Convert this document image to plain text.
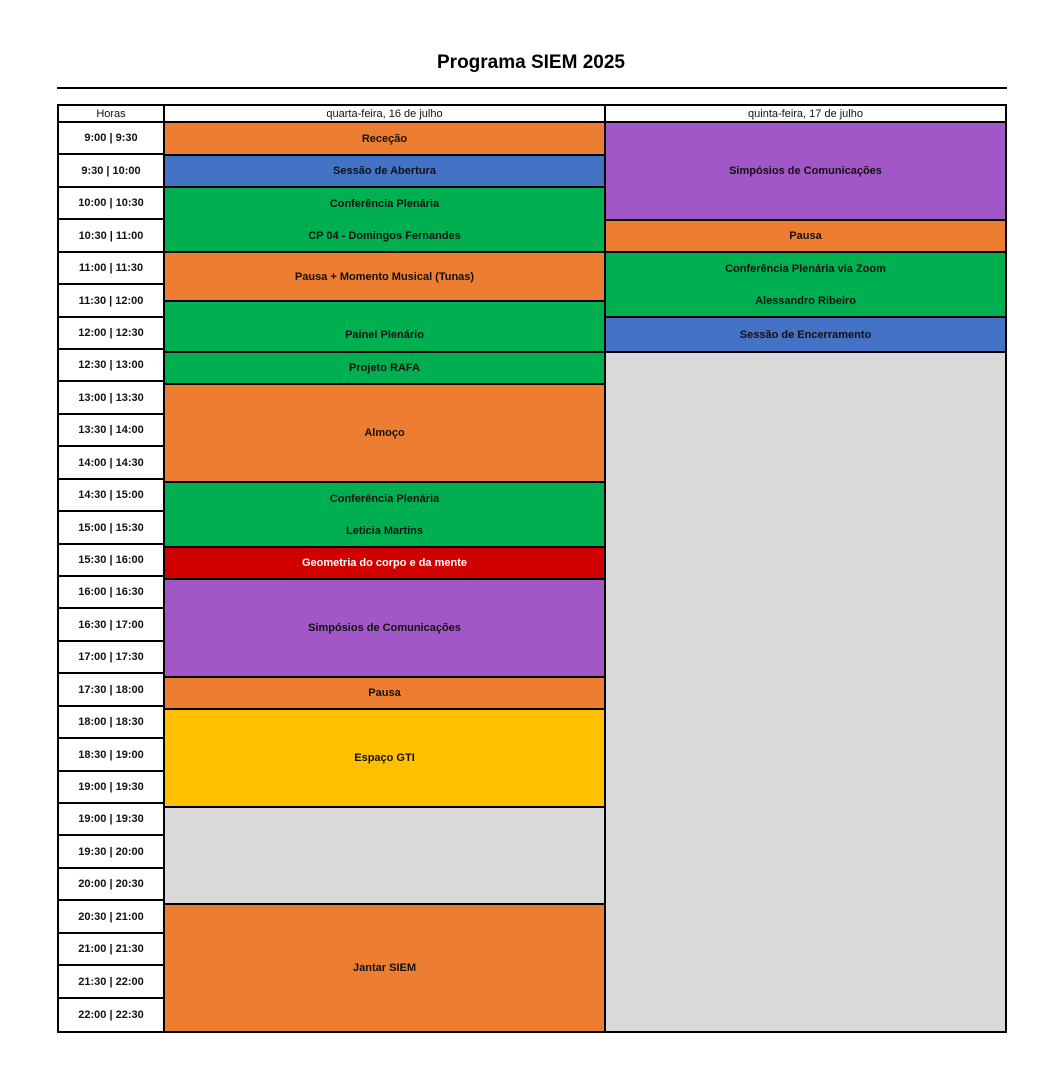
Programa SIEM 2025
Horas	quarta-feira, 16 de julho	quinta-feira, 17 de julho
9:00 | 9:30
9:30 | 10:00
10:00 | 10:30
10:30 | 11:00
11:00 | 11:30
11:30 | 12:00
12:00 | 12:30
12:30 | 13:00
13:00 | 13:30
13:30 | 14:00
14:00 | 14:30
14:30 | 15:00
15:00 | 15:30
15:30 | 16:00
16:00 | 16:30
16:30 | 17:00
17:00 | 17:30
17:30 | 18:00
18:00 | 18:30
18:30 | 19:00
19:00 | 19:30
19:00 | 19:30
19:30 | 20:00
20:00 | 20:30
20:30 | 21:00
21:00 | 21:30
21:30 | 22:00
22:00 | 22:30
Receção
Sessão de Abertura
Conferência Plenária
CP 04 - Domingos Fernandes
Pausa + Momento Musical (Tunas)
Painel Plenário
Projeto RAFA
Almoço
Conferência Plenária
Leticia Martins
Geometria do corpo e da mente
Simpósios de Comunicações
Pausa
Espaço GTI
Jantar SIEM
Simpósios de Comunicações
Pausa
Conferência Plenária via Zoom
Alessandro Ribeiro
Sessão de Encerramento
